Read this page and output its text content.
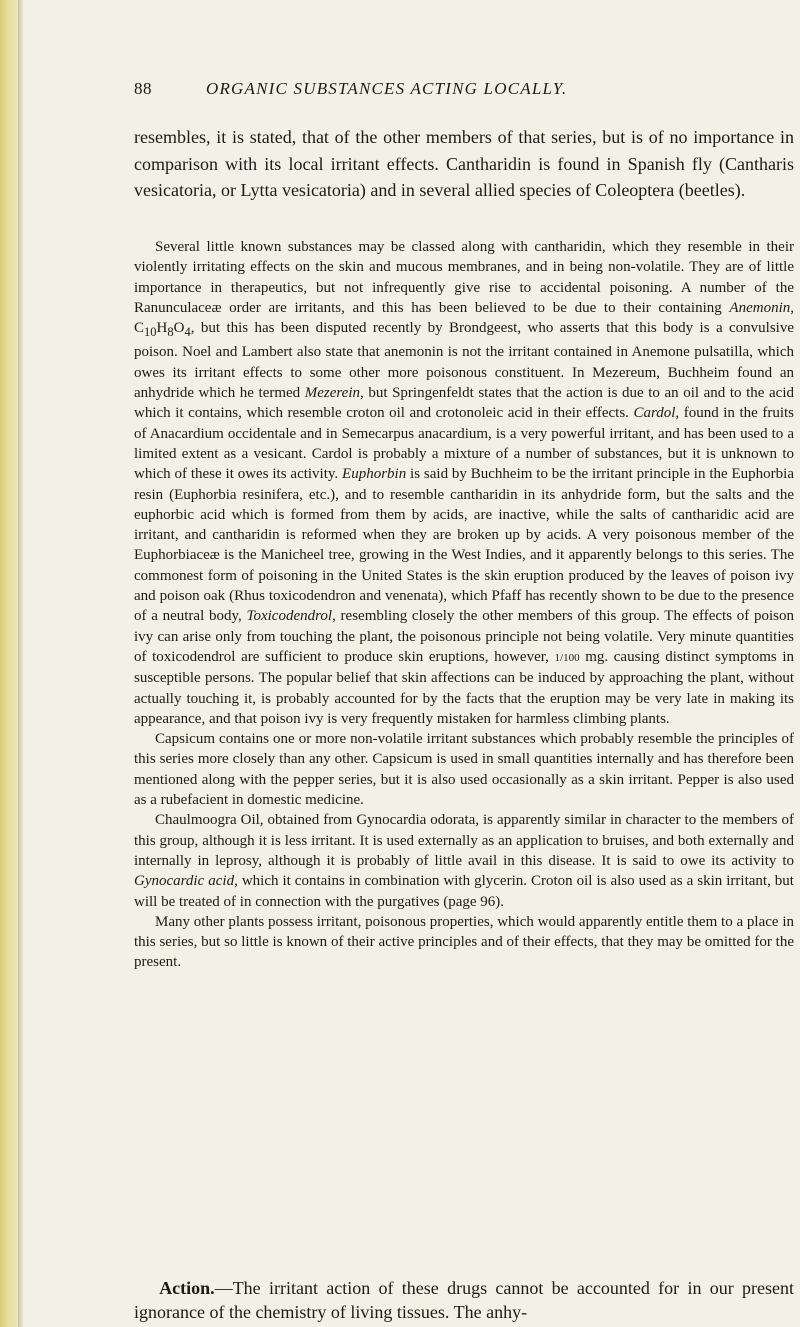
88	ORGANIC SUBSTANCES ACTING LOCALLY.

resembles, it is stated, that of the other members of that series, but is of no importance in comparison with its local irritant effects. Cantharidin is found in Spanish fly (Cantharis vesicatoria, or Lytta vesicatoria) and in several allied species of Coleoptera (beetles).

Several little known substances may be classed along with cantharidin, which they resemble in their violently irritating effects on the skin and mucous membranes, and in being non-volatile. They are of little importance in therapeutics, but not infrequently give rise to accidental poisoning. A number of the Ranunculaceæ order are irritants, and this has been believed to be due to their containing Anemonin, $C_{10}H_8O_4$, but this has been disputed recently by Brondgeest, who asserts that this body is a convulsive poison. Noel and Lambert also state that anemonin is not the irritant contained in Anemone pulsatilla, which owes its irritant effects to some other more poisonous constituent. In Mezereum, Buchheim found an anhydride which he termed Mezerein, but Springenfeldt states that the action is due to an oil and to the acid which it contains, which resemble croton oil and crotonoleic acid in their effects. Cardol, found in the fruits of Anacardium occidentale and in Semecarpus anacardium, is a very powerful irritant, and has been used to a limited extent as a vesicant. Cardol is probably a mixture of a number of substances, but it is unknown to which of these it owes its activity. Euphorbin is said by Buchheim to be the irritant principle in the Euphorbia resin (Euphorbia resinifera, etc.), and to resemble cantharidin in its anhydride form, but the salts and the euphorbic acid which is formed from them by acids, are inactive, while the salts of cantharidic acid are irritant, and cantharidin is reformed when they are broken up by acids. A very poisonous member of the Euphorbiaceæ is the Manicheel tree, growing in the West Indies, and it apparently belongs to this series. The commonest form of poisoning in the United States is the skin eruption produced by the leaves of poison ivy and poison oak (Rhus toxicodendron and venenata), which Pfaff has recently shown to be due to the presence of a neutral body, Toxicodendrol, resembling closely the other members of this group. The effects of poison ivy can arise only from touching the plant, the poisonous principle not being volatile. Very minute quantities of toxicodendrol are sufficient to produce skin eruptions, however, 1/100 mg. causing distinct symptoms in susceptible persons. The popular belief that skin affections can be induced by approaching the plant, without actually touching it, is probably accounted for by the facts that the eruption may be very late in making its appearance, and that poison ivy is very frequently mistaken for harmless climbing plants.

Capsicum contains one or more non-volatile irritant substances which probably resemble the principles of this series more closely than any other. Capsicum is used in small quantities internally and has therefore been mentioned along with the pepper series, but it is also used occasionally as a skin irritant. Pepper is also used as a rubefacient in domestic medicine.

Chaulmoogra Oil, obtained from Gynocardia odorata, is apparently similar in character to the members of this group, although it is less irritant. It is used externally as an application to bruises, and both externally and internally in leprosy, although it is probably of little avail in this disease. It is said to owe its activity to Gynocardic acid, which it contains in combination with glycerin. Croton oil is also used as a skin irritant, but will be treated of in connection with the purgatives (page 96).

Many other plants possess irritant, poisonous properties, which would apparently entitle them to a place in this series, but so little is known of their active principles and of their effects, that they may be omitted for the present.

Action.—The irritant action of these drugs cannot be accounted for in our present ignorance of the chemistry of living tissues. The anhy-
